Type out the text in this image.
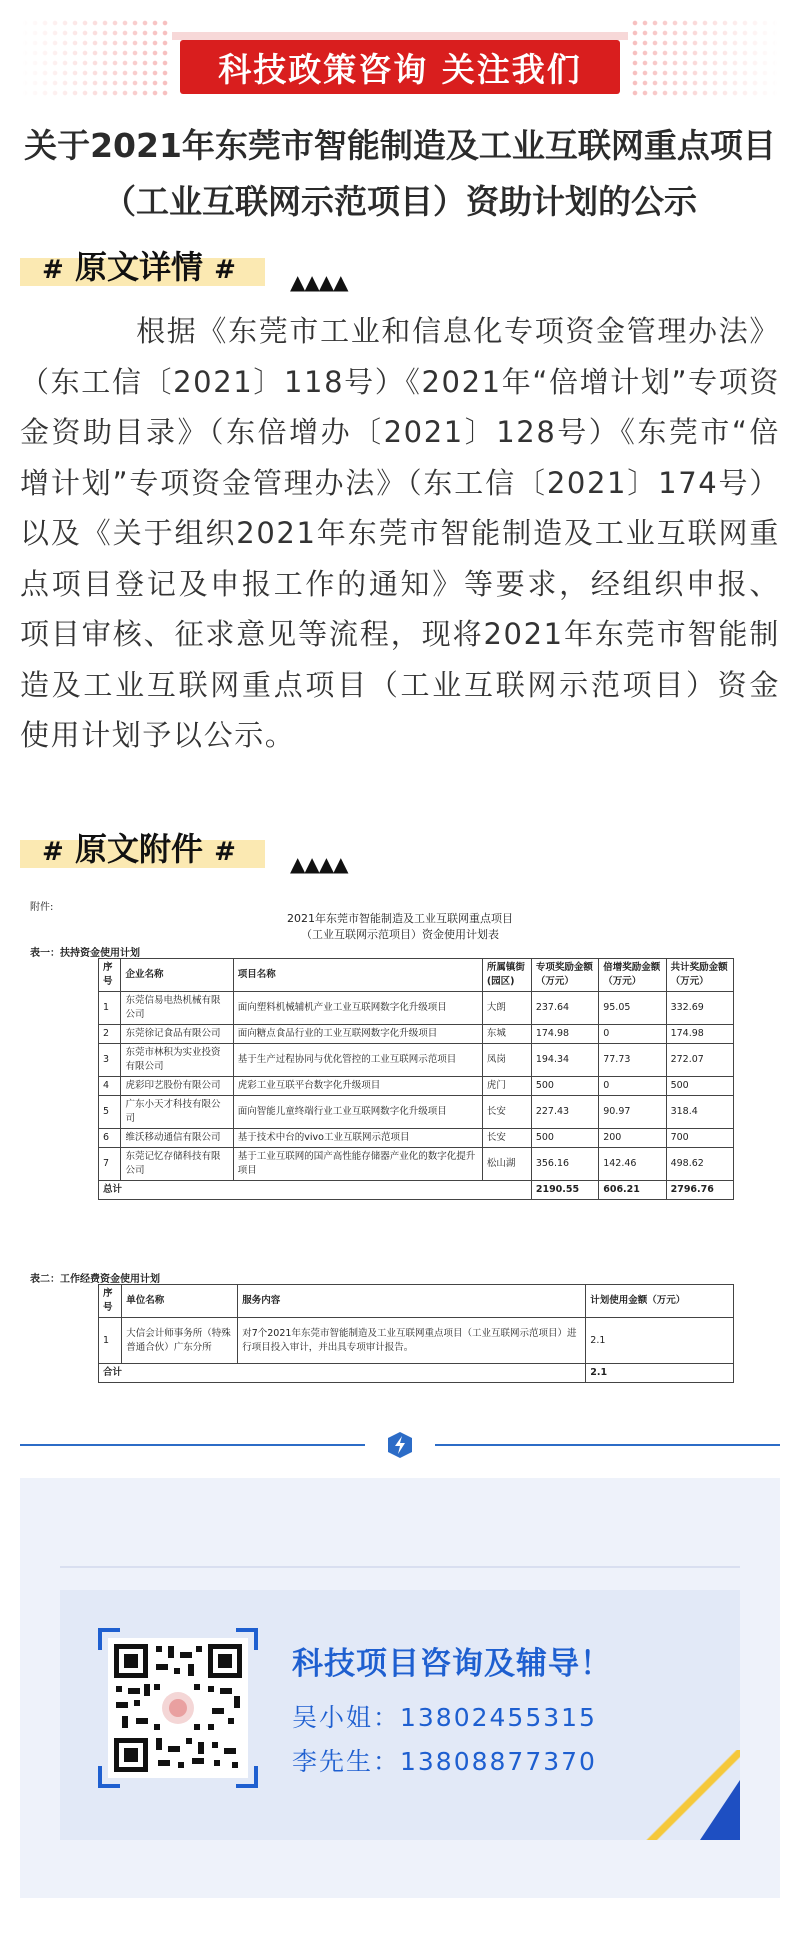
科技政策咨询 关注我们
关于2021年东莞市智能制造及工业互联网重点项目（工业互联网示范项目）资助计划的公示
# 原文详情 #	▲▲▲▲
根据《东莞市工业和信息化专项资金管理办法》（东工信〔2021〕118号）《2021年“倍增计划”专项资金资助目录》（东倍增办〔2021〕128号）《东莞市“倍增计划”专项资金管理办法》（东工信〔2021〕174号）以及《关于组织2021年东莞市智能制造及工业互联网重点项目登记及申报工作的通知》等要求，经组织申报、项目审核、征求意见等流程，现将2021年东莞市智能制造及工业互联网重点项目（工业互联网示范项目）资金使用计划予以公示。
# 原文附件 #	▲▲▲▲
附件:
2021年东莞市智能制造及工业互联网重点项目
（工业互联网示范项目）资金使用计划表
表一：扶持资金使用计划
序号	企业名称	项目名称	所属镇街(园区)	专项奖励金额（万元）	倍增奖励金额（万元）	共计奖励金额（万元）
1	东莞信易电热机械有限公司	面向塑料机械辅机产业工业互联网数字化升级项目	大朗	237.64	95.05	332.69
2	东莞徐记食品有限公司	面向糖点食品行业的工业互联网数字化升级项目	东城	174.98	0	174.98
3	东莞市林积为实业投资有限公司	基于生产过程协同与优化管控的工业互联网示范项目	凤岗	194.34	77.73	272.07
4	虎彩印艺股份有限公司	虎彩工业互联平台数字化升级项目	虎门	500	0	500
5	广东小天才科技有限公司	面向智能儿童终端行业工业互联网数字化升级项目	长安	227.43	90.97	318.4
6	维沃移动通信有限公司	基于技术中台的vivo工业互联网示范项目	长安	500	200	700
7	东莞记忆存储科技有限公司	基于工业互联网的国产高性能存储器产业化的数字化提升项目	松山湖	356.16	142.46	498.62
总计				2190.55	606.21	2796.76
表二：工作经费资金使用计划
序号	单位名称	服务内容	计划使用金额（万元）
1	大信会计师事务所（特殊普通合伙）广东分所	对7个2021年东莞市智能制造及工业互联网重点项目（工业互联网示范项目）进行项目投入审计，并出具专项审计报告。	2.1
合计			2.1
科技项目咨询及辅导！
吴小姐：13802455315
李先生：13808877370
